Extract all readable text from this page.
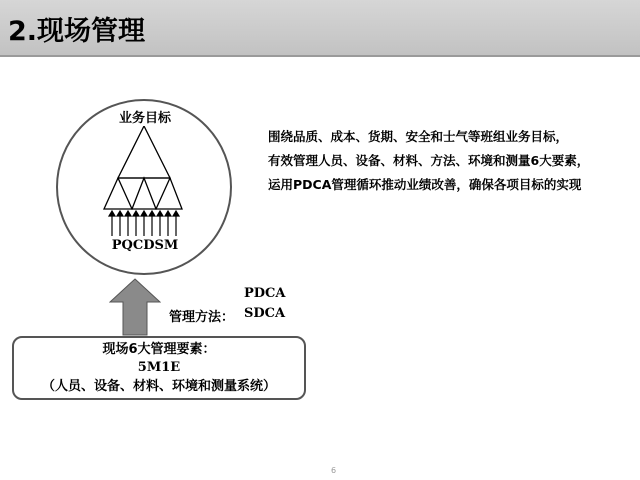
2.现场管理
业务目标
PQCDSM
围绕品质、成本、货期、安全和士气等班组业务目标，
有效管理人员、设备、材料、方法、环境和测量6大要素，
运用PDCA管理循环推动业绩改善，确保各项目标的实现
PDCA
管理方法： SDCA
现场6大管理要素：
5M1E
（人员、设备、材料、环境和测量系统）
6
